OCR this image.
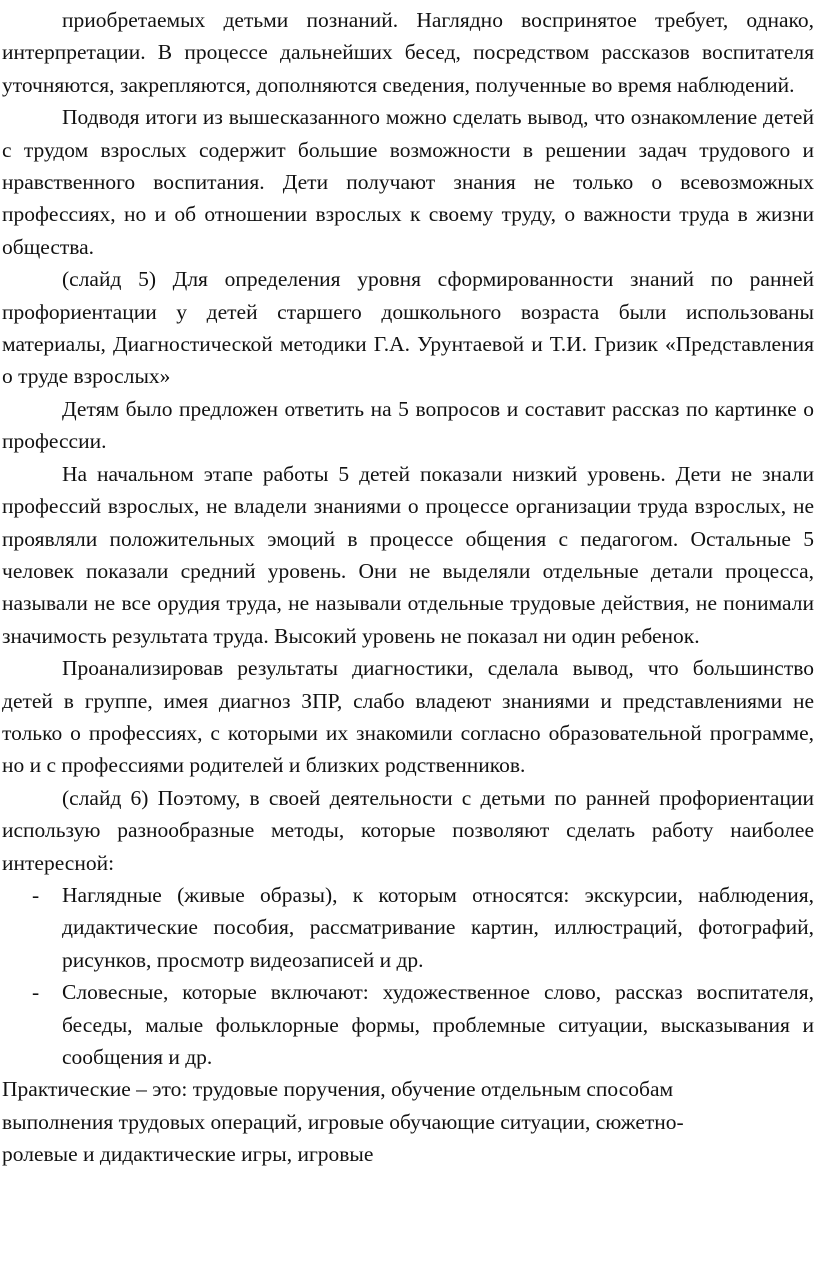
приобретаемых детьми познаний. Наглядно воспринятое требует, однако, интерпретации. В процессе дальнейших бесед, посредством рассказов воспитателя уточняются, закрепляются, дополняются сведения, полученные во время наблюдений.

Подводя итоги из вышесказанного можно сделать вывод, что ознакомление детей с трудом взрослых содержит большие возможности в решении задач трудового и нравственного воспитания. Дети получают знания не только о всевозможных профессиях, но и об отношении взрослых к своему труду, о важности труда в жизни общества.

(слайд 5) Для определения уровня сформированности знаний по ранней профориентации у детей старшего дошкольного возраста были использованы материалы, Диагностической методики Г.А. Урунтаевой и Т.И. Гризик «Представления о труде взрослых»

Детям было предложен ответить на 5 вопросов и составит рассказ по картинке о профессии.

На начальном этапе работы 5 детей показали низкий уровень. Дети не знали профессий взрослых, не владели знаниями о процессе организации труда взрослых, не проявляли положительных эмоций в процессе общения с педагогом. Остальные 5 человек показали средний уровень. Они не выделяли отдельные детали процесса, называли не все орудия труда, не называли отдельные трудовые действия, не понимали значимость результата труда. Высокий уровень не показал ни один ребенок.

Проанализировав результаты диагностики, сделала вывод, что большинство детей в группе, имея диагноз ЗПР, слабо владеют знаниями и представлениями не только о профессиях, с которыми их знакомили согласно образовательной программе, но и с профессиями родителей и близких родственников.

(слайд 6) Поэтому, в своей деятельности с детьми по ранней профориентации использую разнообразные методы, которые позволяют сделать работу наиболее интересной:

- Наглядные (живые образы), к которым относятся: экскурсии, наблюдения, дидактические пособия, рассматривание картин, иллюстраций, фотографий, рисунков, просмотр видеозаписей и др.
- Словесные, которые включают: художественное слово, рассказ воспитателя, беседы, малые фольклорные формы, проблемные ситуации, высказывания и сообщения и др.
Практические – это: трудовые поручения, обучение отдельным способам
выполнения трудовых операций, игровые обучающие ситуации, сюжетно-
ролевые и дидактические игры, игровые
